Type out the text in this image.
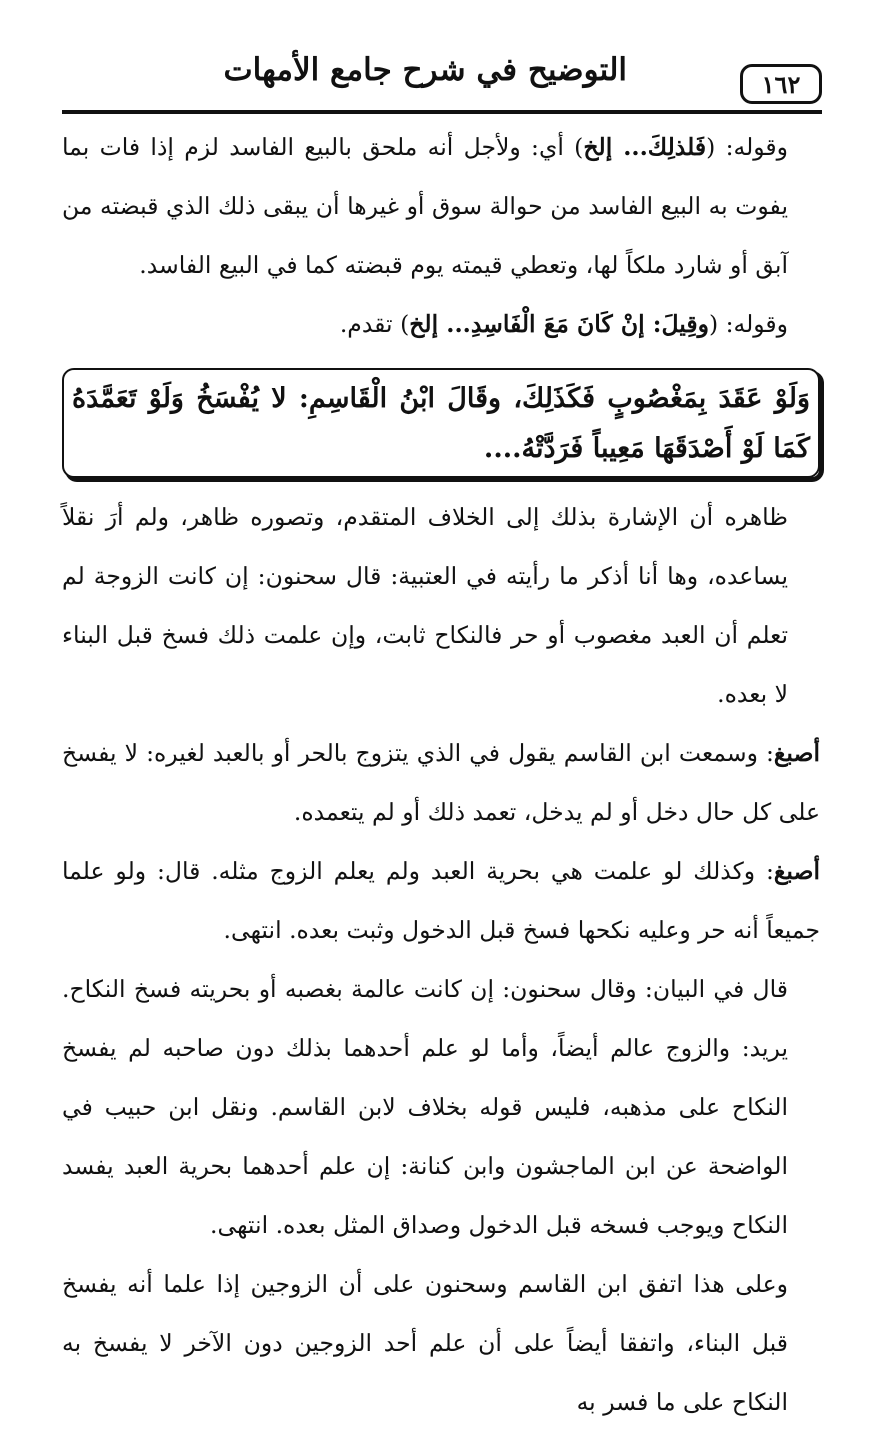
التوضيح في شرح جامع الأمهات	١٦٢

وقوله: (فَلذلِكَ... إلخ) أي: ولأجل أنه ملحق بالبيع الفاسد لزم إذا فات بما يفوت به البيع الفاسد من حوالة سوق أو غيرها أن يبقى ذلك الذي قبضته من آبق أو شارد ملكاً لها، وتعطي قيمته يوم قبضته كما في البيع الفاسد.

وقوله: (وقِيلَ: إنْ كَانَ مَعَ الْفَاسِدِ... إلخ) تقدم.

وَلَوْ عَقَدَ بِمَغْصُوبٍ فَكَذَلِكَ، وقَالَ ابْنُ الْقَاسِمِ: لا يُفْسَخُ وَلَوْ تَعَمَّدَهُ كَمَا لَوْ أَصْدَقَهَا مَعِيباً فَرَدَّتْهُ....

ظاهره أن الإشارة بذلك إلى الخلاف المتقدم، وتصوره ظاهر، ولم أرَ نقلاً يساعده، وها أنا أذكر ما رأيته في العتبية: قال سحنون: إن كانت الزوجة لم تعلم أن العبد مغصوب أو حر فالنكاح ثابت، وإن علمت ذلك فسخ قبل البناء لا بعده.

أصبغ: وسمعت ابن القاسم يقول في الذي يتزوج بالحر أو بالعبد لغيره: لا يفسخ على كل حال دخل أو لم يدخل، تعمد ذلك أو لم يتعمده.

أصبغ: وكذلك لو علمت هي بحرية العبد ولم يعلم الزوج مثله. قال: ولو علما جميعاً أنه حر وعليه نكحها فسخ قبل الدخول وثبت بعده. انتهى.

قال في البيان: وقال سحنون: إن كانت عالمة بغصبه أو بحريته فسخ النكاح. يريد: والزوج عالم أيضاً، وأما لو علم أحدهما بذلك دون صاحبه لم يفسخ النكاح على مذهبه، فليس قوله بخلاف لابن القاسم. ونقل ابن حبيب في الواضحة عن ابن الماجشون وابن كنانة: إن علم أحدهما بحرية العبد يفسد النكاح ويوجب فسخه قبل الدخول وصداق المثل بعده. انتهى.

وعلى هذا اتفق ابن القاسم وسحنون على أن الزوجين إذا علما أنه يفسخ قبل البناء، واتفقا أيضاً على أن علم أحد الزوجين دون الآخر لا يفسخ به النكاح على ما فسر به
